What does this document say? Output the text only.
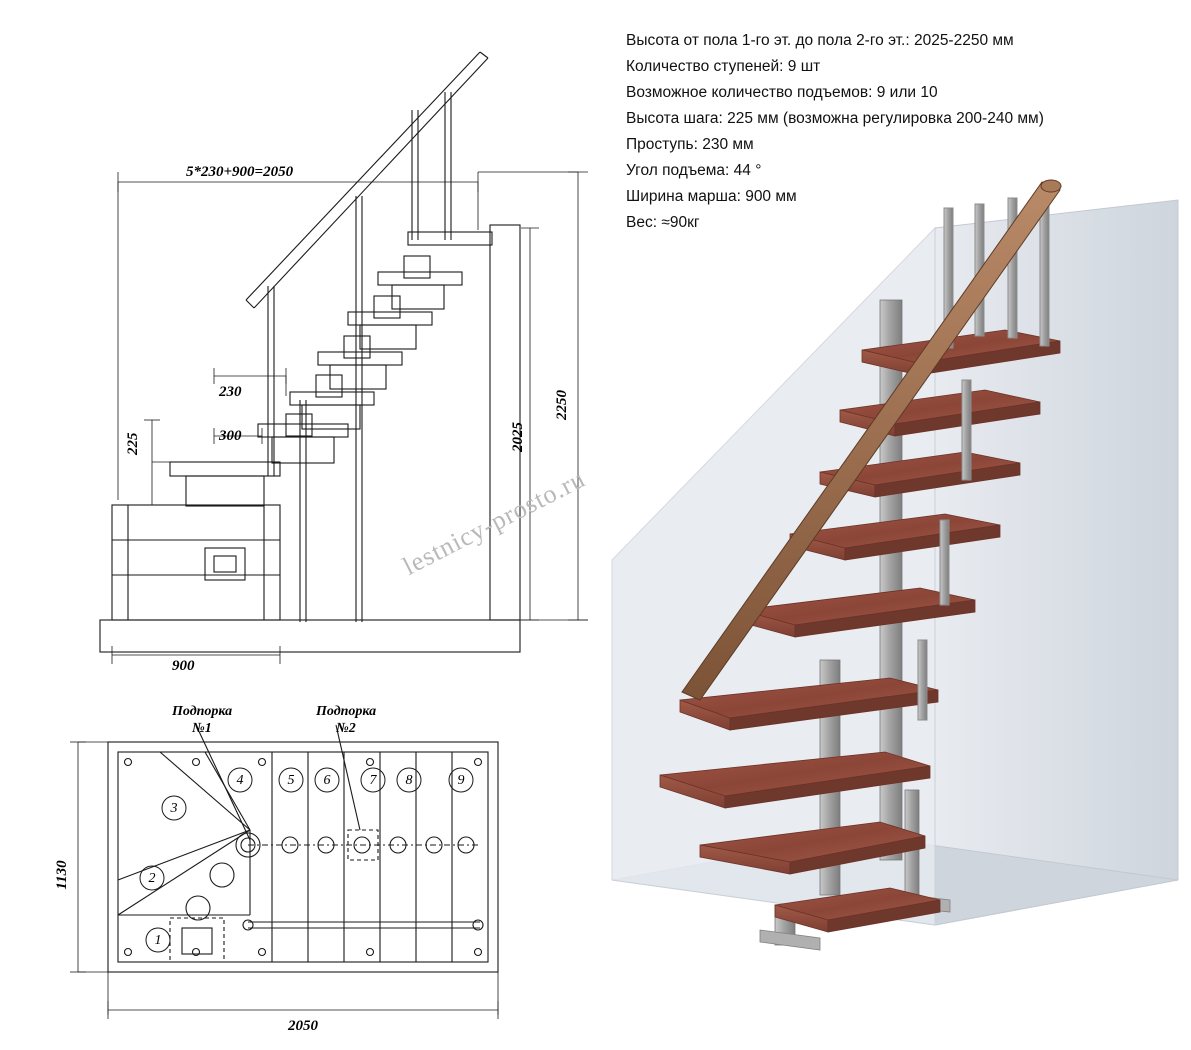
Высота от пола 1-го эт. до пола 2-го эт.: 2025-2250 мм
Количество ступеней: 9 шт
Возможное количество подъемов: 9 или 10
Высота шага: 225 мм (возможна регулировка 200-240 мм)
Проступь: 230 мм
Угол подъема: 44 °
Ширина марша: 900 мм
Вес: ≈90кг
5*230+900=2050
230
300
225
2250
2025
900
1
2
3
4	5 6	7 8	9
Подпорка
№1
Подпорка
№2
1130
2050
lestnicy-prosto.ru
